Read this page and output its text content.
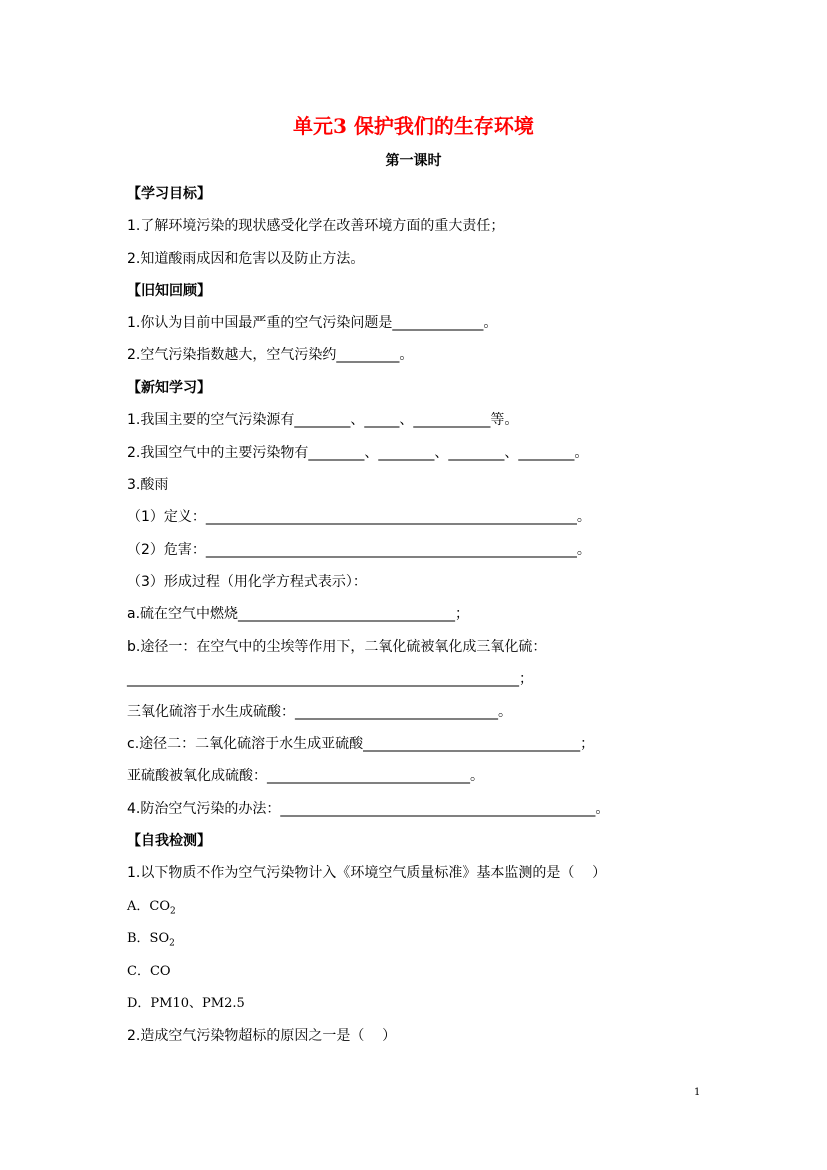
单元3 保护我们的生存环境
第一课时
【学习目标】
1.了解环境污染的现状感受化学在改善环境方面的重大责任；
2.知道酸雨成因和危害以及防止方法。
【旧知回顾】
1.你认为目前中国最严重的空气污染问题是_____________。
2.空气污染指数越大，空气污染约_________。
【新知学习】
1.我国主要的空气污染源有________、_____、___________等。
2.我国空气中的主要污染物有________、________、________、________。
3.酸雨
（1）定义：_____________________________________________________。
（2）危害：_____________________________________________________。
（3）形成过程（用化学方程式表示）：
a.硫在空气中燃烧_______________________________；
b.途径一：在空气中的尘埃等作用下，二氧化硫被氧化成三氧化硫：
________________________________________________________；
三氧化硫溶于水生成硫酸：_____________________________。
c.途径二：二氧化硫溶于水生成亚硫酸_______________________________；
亚硫酸被氧化成硫酸：_____________________________。
4.防治空气污染的办法：_____________________________________________。
【自我检测】
1.以下物质不作为空气污染物计入《环境空气质量标准》基本监测的是（    ）
A．$CO_2$
B．$SO_2$
C．CO
D．PM10、PM2.5
2.造成空气污染物超标的原因之一是（    ）
1
